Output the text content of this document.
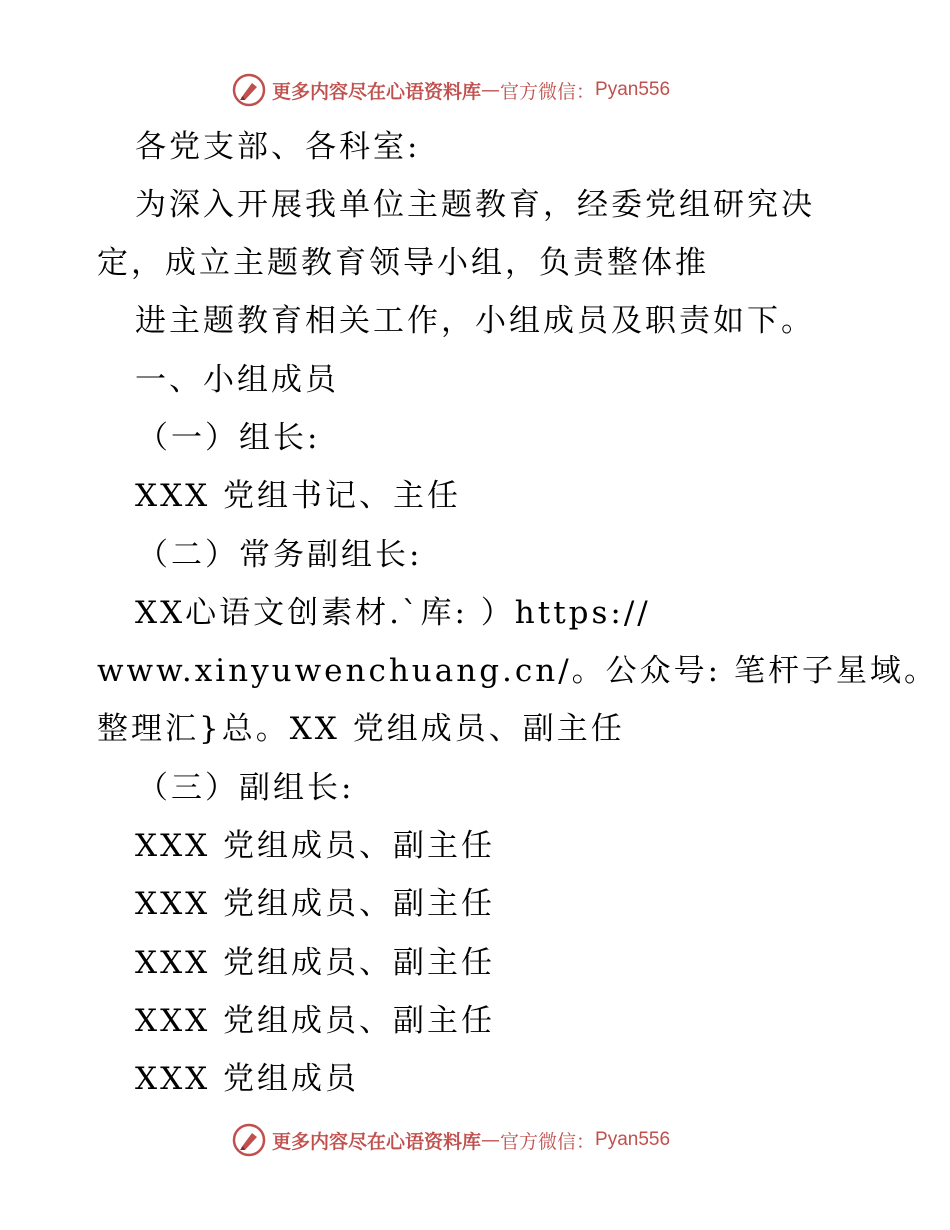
更多内容尽在心语资料库 — 官方微信： Pyan556
各党支部、各科室:
为深入开展我单位主题教育，经委党组研究决
定，成立主题教育领导小组，负责整体推
进主题教育相关工作，小组成员及职责如下。
一、小组成员
（一）组长:
XXX 党组书记、主任
（二）常务副组长:
XX心语文创素材.`库: ）https://
www.xinyuwenchuang.cn/。公众号: 笔杆子星域。
整理汇}总。XX 党组成员、副主任
（三）副组长:
XXX 党组成员、副主任
XXX 党组成员、副主任
XXX 党组成员、副主任
XXX 党组成员、副主任
XXX 党组成员
更多内容尽在心语资料库 — 官方微信： Pyan556
